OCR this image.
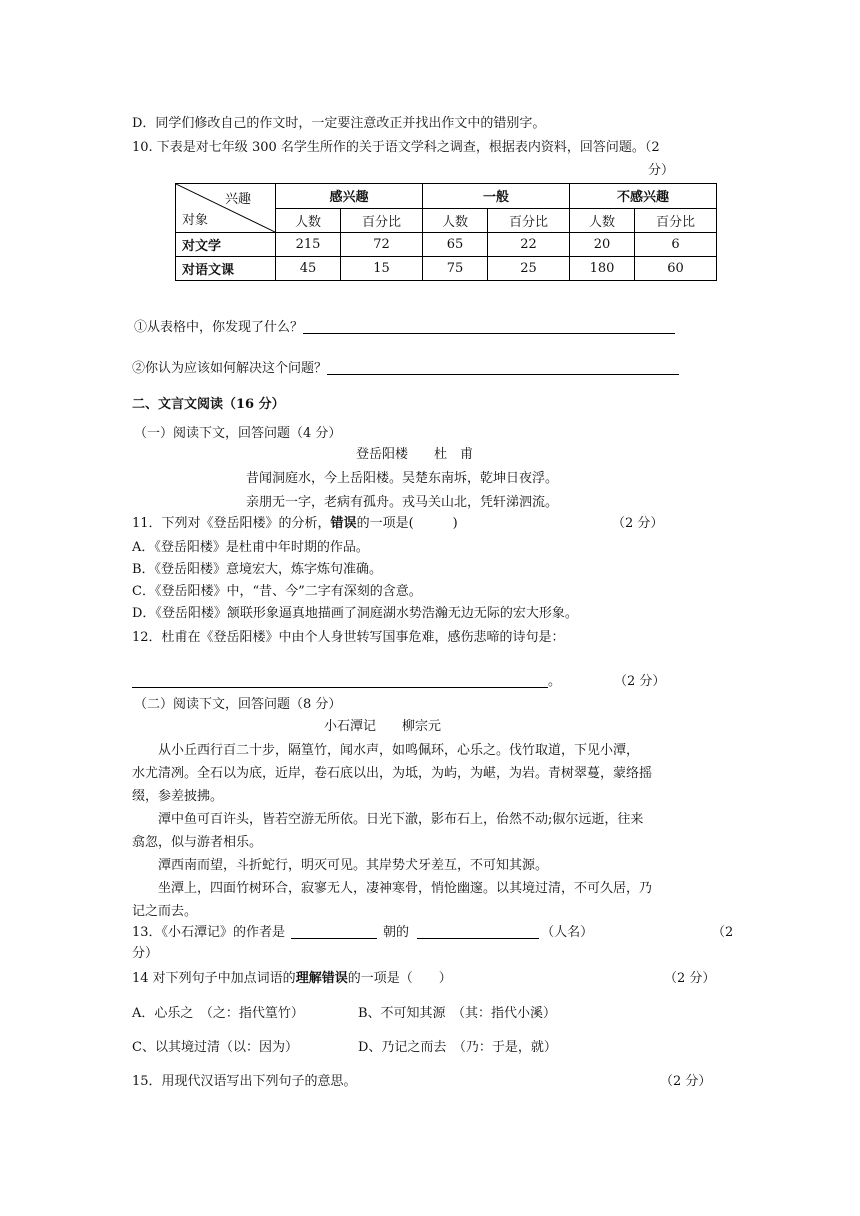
D．同学们修改自己的作文时，一定要注意改正并找出作文中的错别字。
10. 下表是对七年级 300 名学生所作的关于语文学科之调查，根据表内资料，回答问题。（2
分）
兴趣
对象	感兴趣		一般		不感兴趣	
	人数	百分比	人数	百分比	人数	百分比
对文学	215	72	65	22	20	6
对语文课	45	15	75	25	180	60
①从表格中，你发现了什么？
②你认为应该如何解决这个问题？
二、文言文阅读（16 分）
（一）阅读下文，回答问题（4 分）
登岳阳楼　　杜　甫
昔闻洞庭水，今上岳阳楼。吴楚东南坼，乾坤日夜浮。
亲朋无一字，老病有孤舟。戎马关山北，凭轩涕泗流。
11．下列对《登岳阳楼》的分析，错误的一项是(　　　)	（2 分）
A．《登岳阳楼》是杜甫中年时期的作品。
B．《登岳阳楼》意境宏大，炼字炼句准确。
C．《登岳阳楼》中，“昔、今”二字有深刻的含意。
D．《登岳阳楼》颔联形象逼真地描画了洞庭湖水势浩瀚无边无际的宏大形象。
12．杜甫在《登岳阳楼》中由个人身世转写国事危难，感伤悲啼的诗句是：
。	（2 分）
（二）阅读下文，回答问题（8 分）
小石潭记　　柳宗元
　　从小丘西行百二十步，隔篁竹，闻水声，如鸣佩环，心乐之。伐竹取道，下见小潭，
水尤清冽。全石以为底，近岸，卷石底以出，为坻，为屿，为嵁，为岩。青树翠蔓，蒙络摇
缀，参差披拂。
　　潭中鱼可百许头，皆若空游无所依。日光下澈，影布石上，佁然不动;俶尔远逝，往来
翕忽，似与游者相乐。
　　潭西南而望，斗折蛇行，明灭可见。其岸势犬牙差互，不可知其源。
　　坐潭上，四面竹树环合，寂寥无人，凄神寒骨，悄怆幽邃。以其境过清，不可久居，乃
记之而去。
13．《小石潭记》的作者是	朝的	（人名）	（2
分）
14 对下列句子中加点词语的理解错误的一项是（　　）	（2 分）
A．心乐之　（之：指代篁竹）	B、不可知其源　（其：指代小溪）
C、以其境过清（以：因为）	D、乃记之而去　（乃：于是，就）
15．用现代汉语写出下列句子的意思。	（2 分）
